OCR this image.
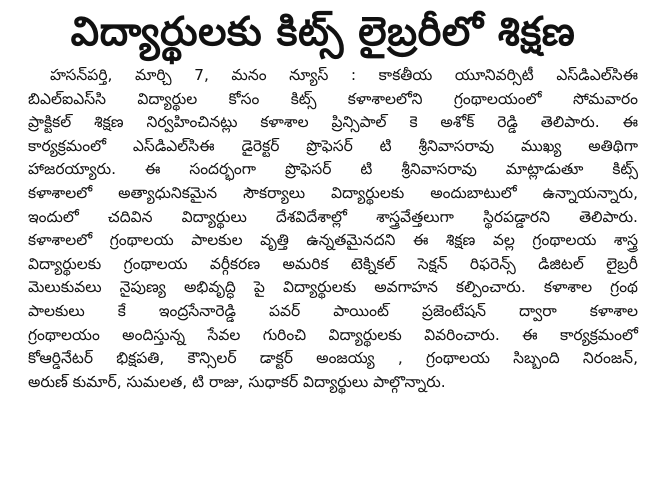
విద్యార్థులకు కిట్స్ లైబ్రరీలో శిక్షణ
హసన్‌పర్తి, మార్చి 7, మనం న్యూస్ : కాకతీయ యూనివర్సిటీ ఎస్‌డిఎల్‌సిఈ
బిఎల్‌ఐఎస్‌సి విద్యార్థుల కోసం కిట్స్ కళాశాలలోని గ్రంథాలయంలో సోమవారం
ప్రాక్టికల్ శిక్షణ నిర్వహించినట్లు కళాశాల ప్రిన్సిపాల్ కె అశోక్ రెడ్డి తెలిపారు. ఈ
కార్యక్రమంలో ఎస్‌డిఎల్‌సిఈ డైరెక్టర్ ప్రొఫెసర్ టి శ్రీనివాసరావు ముఖ్య అతిథిగా
హాజరయ్యారు. ఈ సందర్భంగా ప్రొఫెసర్ టి శ్రీనివాసరావు మాట్లాడుతూ కిట్స్
కళాశాలలో అత్యాధునికమైన సౌకర్యాలు విద్యార్థులకు అందుబాటులో ఉన్నాయన్నారు,
ఇందులో చదివిన విద్యార్థులు దేశవిదేశాల్లో శాస్త్రవేత్తలుగా స్థిరపడ్డారని తెలిపారు.
కళాశాలలో గ్రంథాలయ పాలకుల వృత్తి ఉన్నతమైనదని ఈ శిక్షణ వల్ల గ్రంథాలయ శాస్త్ర
విద్యార్థులకు గ్రంథాలయ వర్గీకరణ అమరిక టెక్నికల్ సెక్షన్ రిఫరెన్స్ డిజిటల్ లైబ్రరీ
మెలుకువలు నైపుణ్య అభివృద్ధి పై విద్యార్థులకు అవగాహన కల్పించారు. కళాశాల గ్రంథ
పాలకులు కే ఇంద్రసేనారెడ్డి పవర్ పాయింట్ ప్రజెంటేషన్ ద్వారా కళాశాల
గ్రంథాలయం అందిస్తున్న సేవల గురించి విద్యార్థులకు వివరించారు. ఈ కార్యక్రమంలో
కోఆర్డినేటర్ భిక్షపతి, కౌన్సిలర్ డాక్టర్ అంజయ్య , గ్రంథాలయ సిబ్బంది నిరంజన్,
అరుణ్ కుమార్, సుమలత, టి రాజు, సుధాకర్ విద్యార్థులు పాల్గొన్నారు.
